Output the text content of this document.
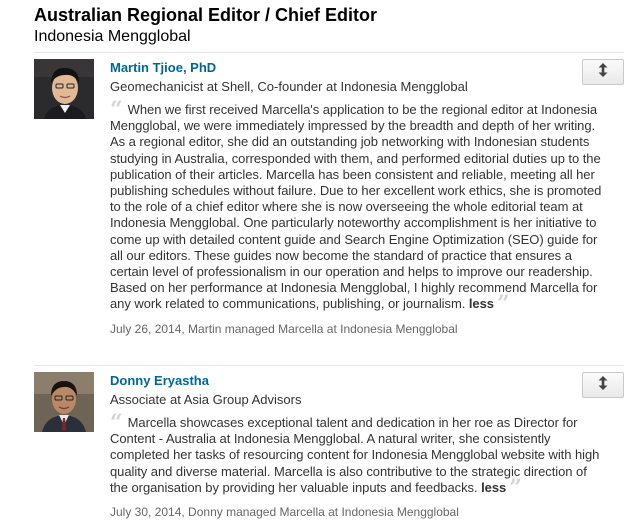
Australian Regional Editor / Chief Editor
Indonesia Mengglobal
Martin Tjioe, PhD
Geomechanicist at Shell, Co-founder at Indonesia Mengglobal
“ When we first received Marcella's application to be the regional editor at Indonesia Mengglobal, we were immediately impressed by the breadth and depth of her writing. As a regional editor, she did an outstanding job networking with Indonesian students studying in Australia, corresponded with them, and performed editorial duties up to the publication of their articles. Marcella has been consistent and reliable, meeting all her publishing schedules without failure. Due to her excellent work ethics, she is promoted to the role of a chief editor where she is now overseeing the whole editorial team at Indonesia Mengglobal. One particularly noteworthy accomplishment is her initiative to come up with detailed content guide and Search Engine Optimization (SEO) guide for all our editors. These guides now become the standard of practice that ensures a certain level of professionalism in our operation and helps to improve our readership. Based on her performance at Indonesia Mengglobal, I highly recommend Marcella for any work related to communications, publishing, or journalism. less ”
July 26, 2014, Martin managed Marcella at Indonesia Mengglobal
Donny Eryastha
Associate at Asia Group Advisors
“ Marcella showcases exceptional talent and dedication in her roe as Director for Content - Australia at Indonesia Mengglobal. A natural writer, she consistently completed her tasks of resourcing content for Indonesia Mengglobal website with high quality and diverse material. Marcella is also contributive to the strategic direction of the organisation by providing her valuable inputs and feedbacks. less ”
July 30, 2014, Donny managed Marcella at Indonesia Mengglobal
